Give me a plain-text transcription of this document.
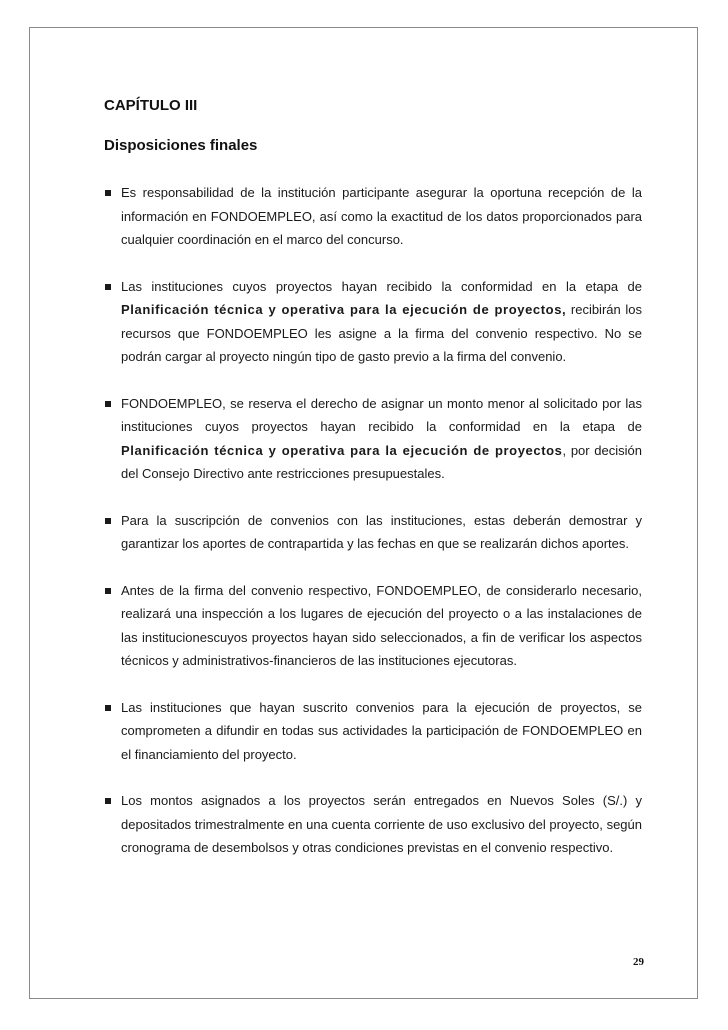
CAPÍTULO III
Disposiciones finales
Es responsabilidad de la institución participante asegurar la oportuna recepción de la información en FONDOEMPLEO, así como la exactitud de los datos proporcionados para cualquier coordinación en el marco del concurso.
Las instituciones cuyos proyectos hayan recibido la conformidad en la etapa de Planificación técnica y operativa para la ejecución de proyectos, recibirán los recursos que FONDOEMPLEO les asigne a la firma del convenio respectivo. No se podrán cargar al proyecto ningún tipo de gasto previo a la firma del convenio.
FONDOEMPLEO, se reserva el derecho de asignar un monto menor al solicitado por las instituciones cuyos proyectos hayan recibido la conformidad en la etapa de Planificación técnica y operativa para la ejecución de proyectos, por decisión del Consejo Directivo ante restricciones presupuestales.
Para la suscripción de convenios con las instituciones, estas deberán demostrar y garantizar los aportes de contrapartida y las fechas en que se realizarán dichos aportes.
Antes de la firma del convenio respectivo, FONDOEMPLEO, de considerarlo necesario, realizará una inspección a los lugares de ejecución del proyecto o a las instalaciones de las institucionescuyos proyectos hayan sido seleccionados, a fin de verificar los aspectos técnicos y administrativos-financieros de las instituciones ejecutoras.
Las instituciones que hayan suscrito convenios para la ejecución de proyectos, se comprometen a difundir en todas sus actividades la participación de FONDOEMPLEO en el financiamiento del proyecto.
Los montos asignados a los proyectos serán entregados en Nuevos Soles (S/.) y depositados trimestralmente en una cuenta corriente de uso exclusivo del proyecto, según cronograma de desembolsos y otras condiciones previstas en el convenio respectivo.
29
